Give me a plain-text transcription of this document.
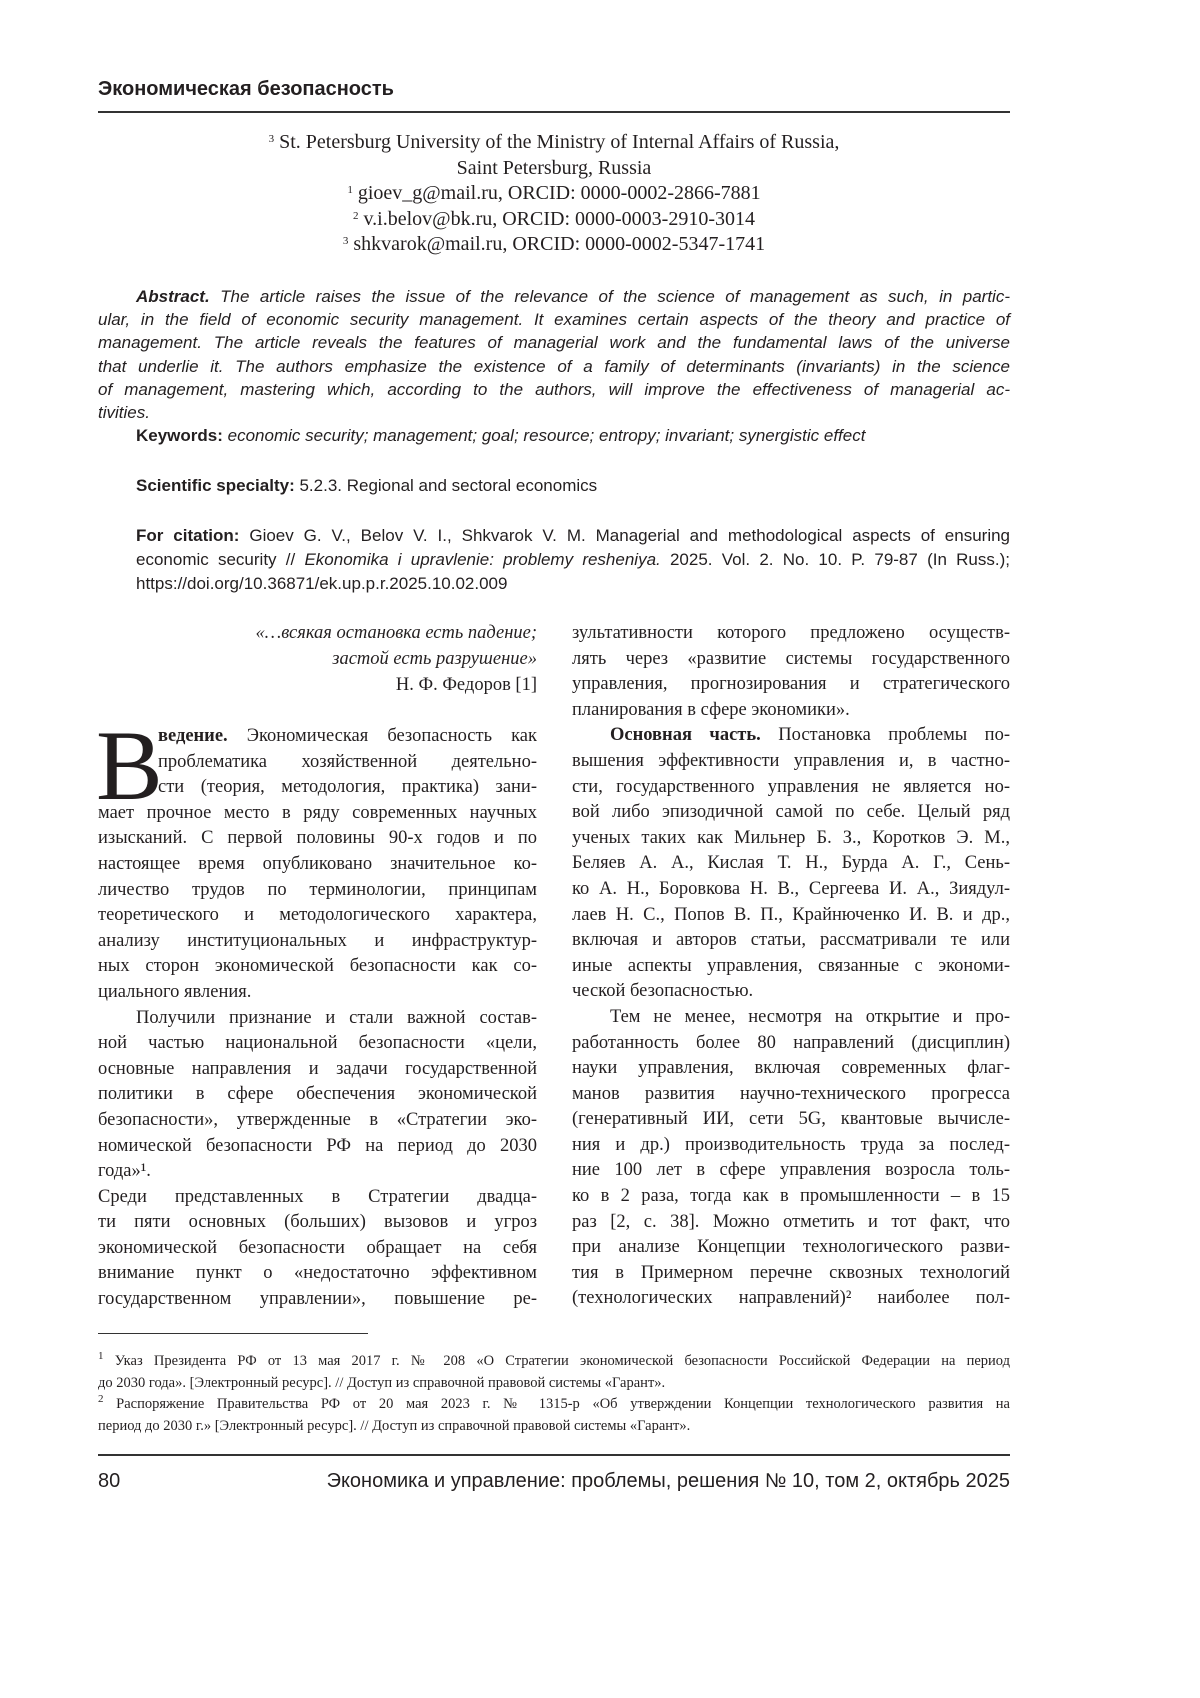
Экономическая безопасность
3 St. Petersburg University of the Ministry of Internal Affairs of Russia,
Saint Petersburg, Russia
1 gioev_g@mail.ru, ORCID: 0000-0002-2866-7881
2 v.i.belov@bk.ru, ORCID: 0000-0003-2910-3014
3 shkvarok@mail.ru, ORCID: 0000-0002-5347-1741
Abstract. The article raises the issue of the relevance of the science of management as such, in partic-
ular, in the field of economic security management. It examines certain aspects of the theory and practice of
management. The article reveals the features of managerial work and the fundamental laws of the universe
that underlie it. The authors emphasize the existence of a family of determinants (invariants) in the science
of management, mastering which, according to the authors, will improve the effectiveness of managerial ac-
tivities.
Keywords: economic security; management; goal; resource; entropy; invariant; synergistic effect
Scientific specialty: 5.2.3. Regional and sectoral economics
For citation: Gioev G. V., Belov V. I., Shkvarok V. M. Managerial and methodological aspects of ensuring
economic security // Ekonomika i upravlenie: problemy resheniya. 2025. Vol. 2. No. 10. P. 79-87 (In Russ.);
https://doi.org/10.36871/ek.up.p.r.2025.10.02.009
«…всякая остановка есть падение;
застой есть разрушение»
Н. Ф. Федоров [1]
В
ведение. Экономическая безопасность как
проблематика хозяйственной деятельно-
сти (теория, методология, практика) зани-
мает прочное место в ряду современных научных
изысканий. С первой половины 90-х годов и по
настоящее время опубликовано значительное ко-
личество трудов по терминологии, принципам
теоретического и методологического характера,
анализу институциональных и инфраструктур-
ных сторон экономической безопасности как со-
циального явления.
Получили признание и стали важной состав-
ной частью национальной безопасности «цели,
основные направления и задачи государственной
политики в сфере обеспечения экономической
безопасности», утвержденные в «Стратегии эко-
номической безопасности РФ на период до 2030
года»¹.
Среди представленных в Стратегии двадца-
ти пяти основных (больших) вызовов и угроз
экономической безопасности обращает на себя
внимание пункт о «недостаточно эффективном
государственном управлении», повышение ре-
зультативности которого предложено осуществ-
лять через «развитие системы государственного
управления, прогнозирования и стратегического
планирования в сфере экономики».
Основная часть. Постановка проблемы по-
вышения эффективности управления и, в частно-
сти, государственного управления не является но-
вой либо эпизодичной самой по себе. Целый ряд
ученых таких как Мильнер Б. З., Коротков Э. М.,
Беляев А. А., Кислая Т. Н., Бурда А. Г., Сень-
ко А. Н., Боровкова Н. В., Сергеева И. А., Зиядул-
лаев Н. С., Попов В. П., Крайнюченко И. В. и др.,
включая и авторов статьи, рассматривали те или
иные аспекты управления, связанные с экономи-
ческой безопасностью.
Тем не менее, несмотря на открытие и про-
работанность более 80 направлений (дисциплин)
науки управления, включая современных флаг-
манов развития научно-технического прогресса
(генеративный ИИ, сети 5G, квантовые вычисле-
ния и др.) производительность труда за послед-
ние 100 лет в сфере управления возросла толь-
ко в 2 раза, тогда как в промышленности – в 15
раз [2, с. 38]. Можно отметить и тот факт, что
при анализе Концепции технологического разви-
тия в Примерном перечне сквозных технологий
(технологических направлений)² наиболее пол-
1 Указ Президента РФ от 13 мая 2017 г. № 208 «О Стратегии экономической безопасности Российской Федерации на период
до 2030 года». [Электронный ресурс]. // Доступ из справочной правовой системы «Гарант».
2 Распоряжение Правительства РФ от 20 мая 2023 г. № 1315-р «Об утверждении Концепции технологического развития на
период до 2030 г.» [Электронный ресурс]. // Доступ из справочной правовой системы «Гарант».
80	Экономика и управление: проблемы, решения № 10, том 2, октябрь 2025
